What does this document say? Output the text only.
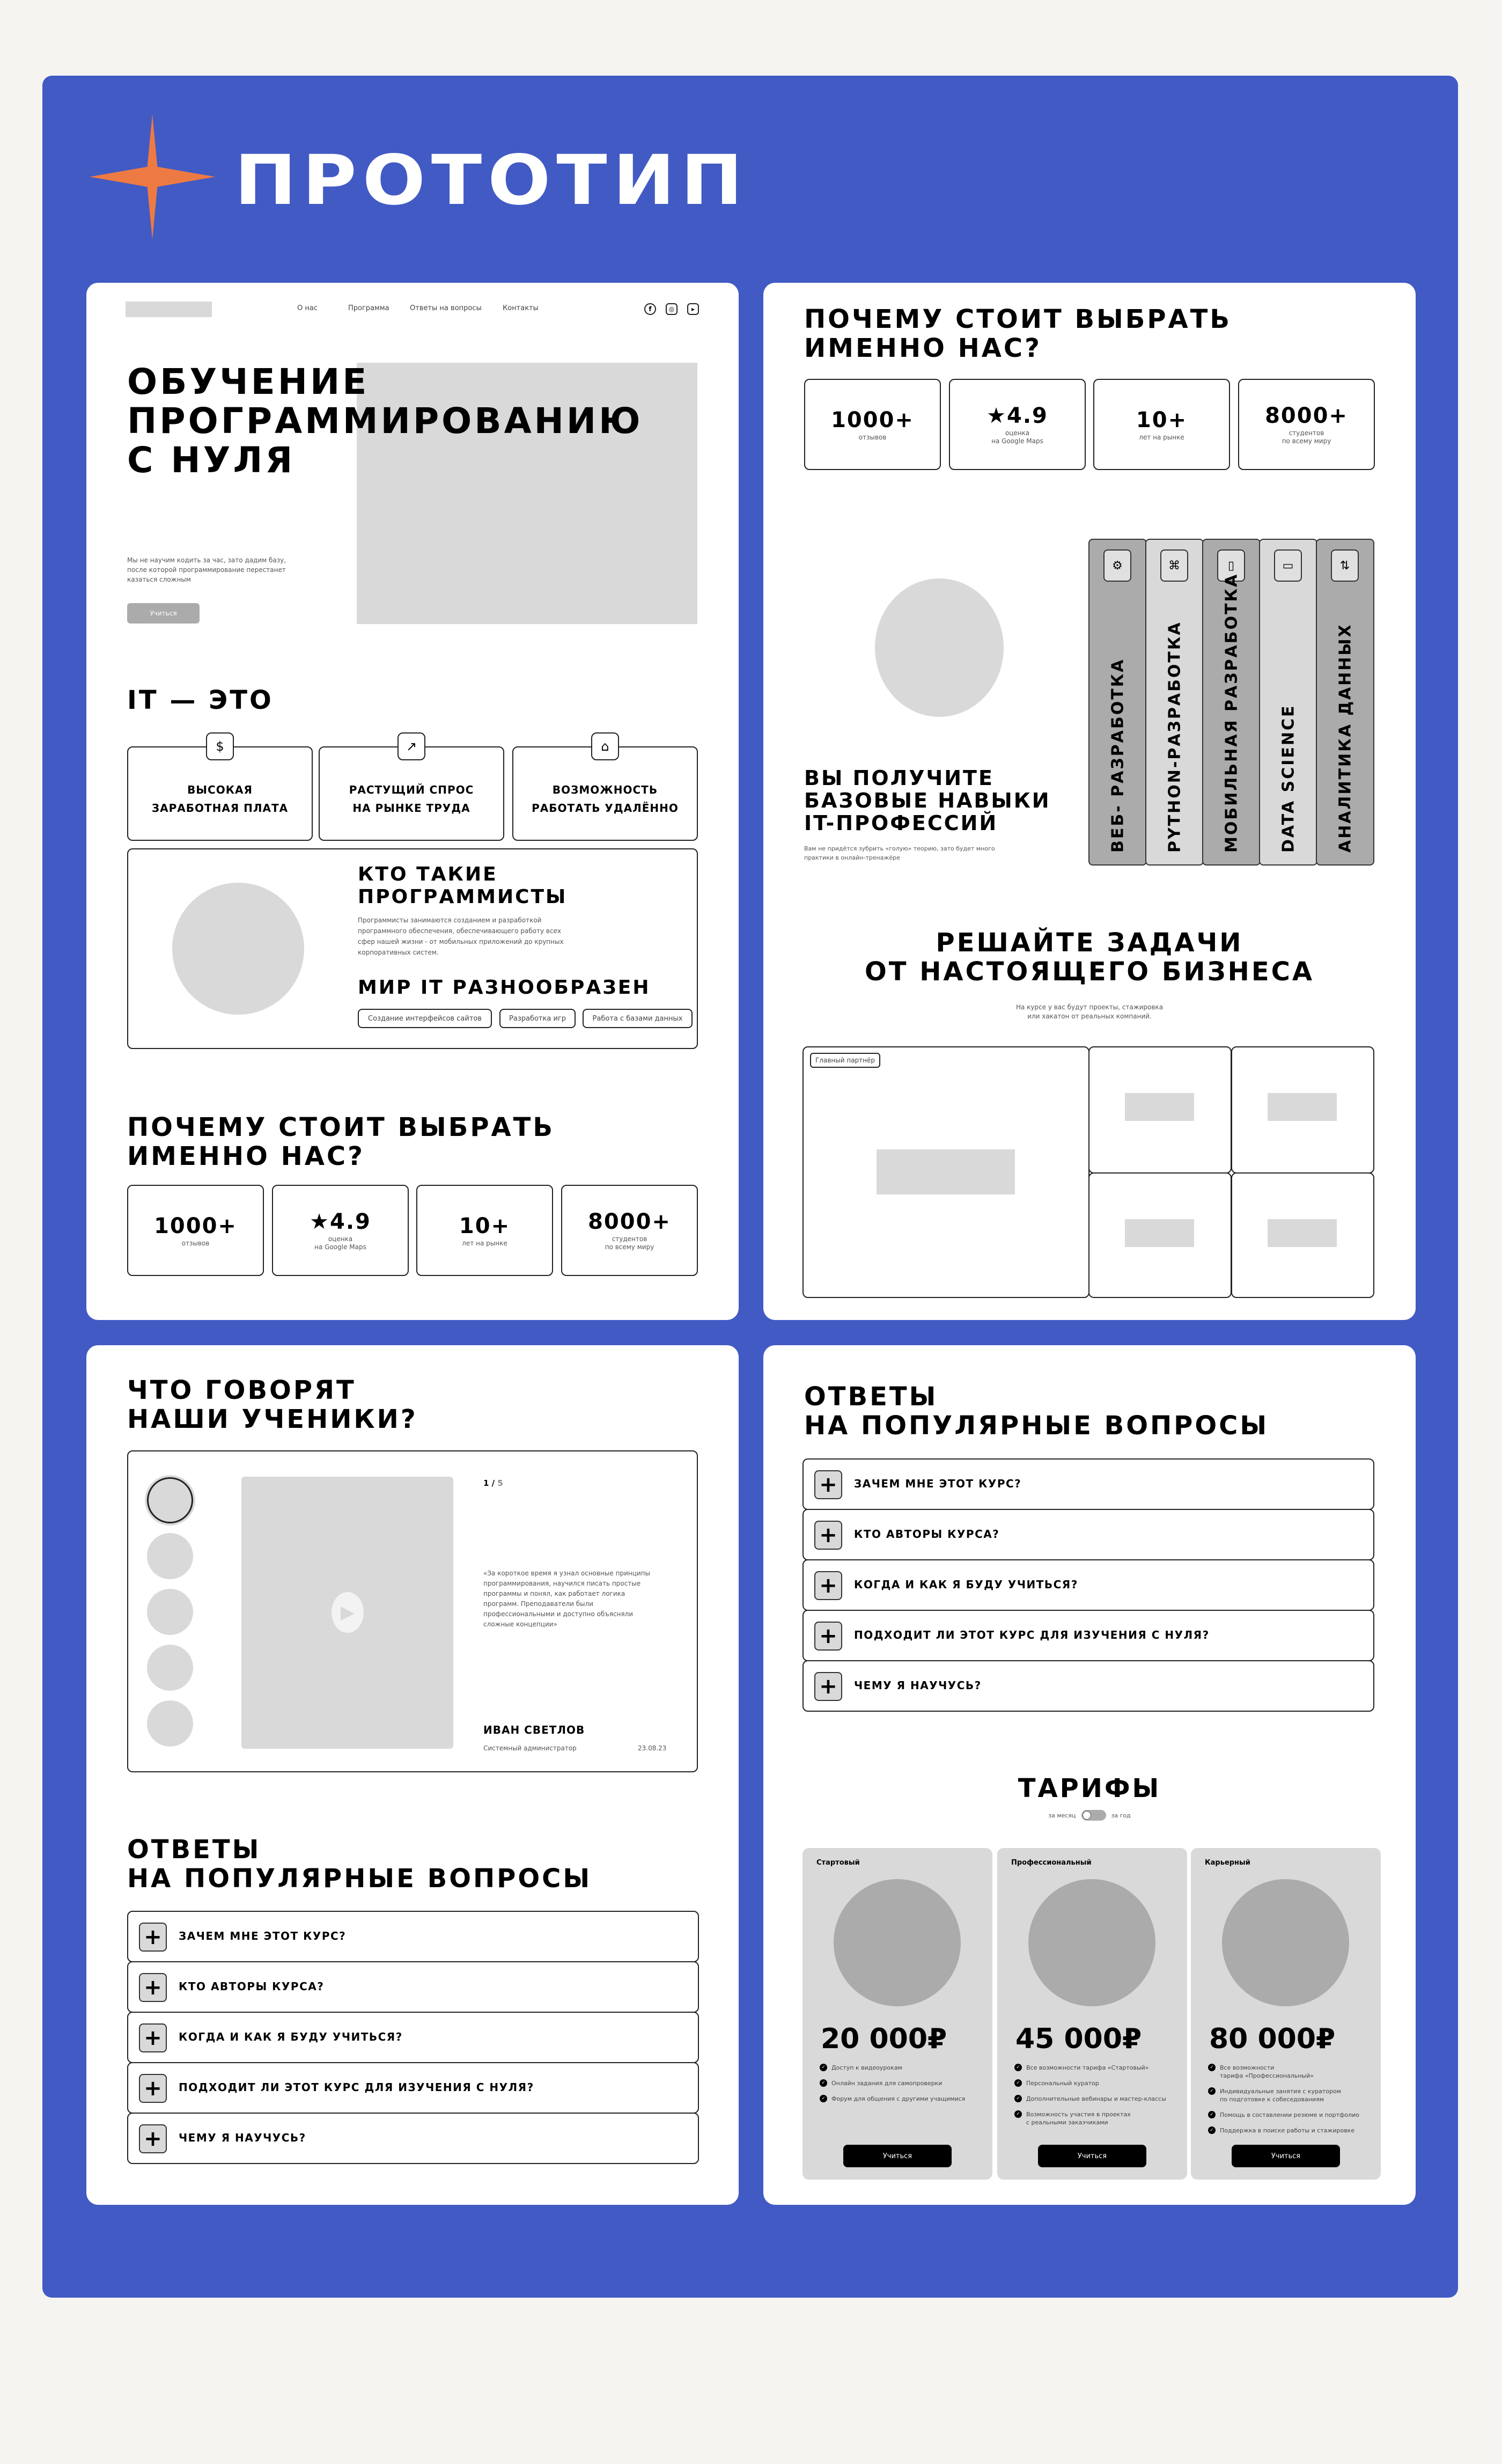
ПРОТОТИП
О нас	Программа	Ответы на вопросы	Контакты	f	◎	▸
ОБУЧЕНИЕ
ПРОГРАММИРОВАНИЮ
С НУЛЯ
Мы не научим кодить за час, зато дадим базу, после которой программирование перестанет казаться сложным
Учиться
IT — ЭТО
КТО ТАКИЕ
ПРОГРАММИСТЫ
Программисты занимаются созданием и разработкой программного обеспечения, обеспечивающего работу всех сфер нашей жизни - от мобильных приложений до крупных корпоративных систем.
МИР IT РАЗНООБРАЗЕН
Создание интерфейсов сайтов	Разработка игр	Работа с базами данных
ПОЧЕМУ СТОИТ ВЫБРАТЬ
ИМЕННО НАС?
ВЫСОКАЯ
ЗАРАБОТНАЯ ПЛАТА
$
РАСТУЩИЙ СПРОС
НА РЫНКЕ ТРУДА
↗
ВОЗМОЖНОСТЬ
РАБОТАТЬ УДАЛЁННО
⌂
1000+
отзывов
★4.9
оценка
на Google Maps
10+
лет на рынке
8000+
студентов
по всему миру
ПОЧЕМУ СТОИТ ВЫБРАТЬ
ИМЕННО НАС?
ВЫ ПОЛУЧИТЕ
БАЗОВЫЕ НАВЫКИ
IT-ПРОФЕССИЙ
Вам не придётся зубрить «голую» теорию, зато будет много практики в онлайн-тренажёре
⚙
ВЕБ- РАЗРАБОТКА
⌘
PYTHON-РАЗРАБОТКА
▯
МОБИЛЬНАЯ РАЗРАБОТКА
▭
DATA SCIENCE
⇅
АНАЛИТИКА ДАННЫХ
РЕШАЙТЕ ЗАДАЧИ
ОТ НАСТОЯЩЕГО БИЗНЕСА
На курсе у вас будут проекты, стажировка
или хакатон от реальных компаний.
Главный партнёр
1000+
отзывов
★4.9
оценка
на Google Maps
10+
лет на рынке
8000+
студентов
по всему миру
ЧТО ГОВОРЯТ
НАШИ УЧЕНИКИ?
▶
1 / 5
«За короткое время я узнал основные принципы программирования, научился писать простые программы и понял, как работает логика программ. Преподаватели были профессиональными и доступно объясняли сложные концепции»
ИВАН СВЕТЛОВ
Системный администратор	23.08.23
ОТВЕТЫ
НА ПОПУЛЯРНЫЕ ВОПРОСЫ
+	ЗАЧЕМ МНЕ ЭТОТ КУРС?
+	КТО АВТОРЫ КУРСА?
+	КОГДА И КАК Я БУДУ УЧИТЬСЯ?
+	ПОДХОДИТ ЛИ ЭТОТ КУРС ДЛЯ ИЗУЧЕНИЯ С НУЛЯ?
+	ЧЕМУ Я НАУЧУСЬ?
ОТВЕТЫ
НА ПОПУЛЯРНЫЕ ВОПРОСЫ
ТАРИФЫ
за месяц	за год
+	ЗАЧЕМ МНЕ ЭТОТ КУРС?
+	КТО АВТОРЫ КУРСА?
+	КОГДА И КАК Я БУДУ УЧИТЬСЯ?
+	ПОДХОДИТ ЛИ ЭТОТ КУРС ДЛЯ ИЗУЧЕНИЯ С НУЛЯ?
+	ЧЕМУ Я НАУЧУСЬ?
Стартовый
20 000₽
✓ Доступ к видеоурокам
✓ Онлайн задания для самопроверки
✓ Форум для общения с другими учащимися
Учиться
Профессиональный
45 000₽
✓ Все возможности тарифа «Стартовый»
✓ Персональный куратор
✓ Дополнительные вебинары и мастер-классы
✓ Возможность участия в проектах
с реальными заказчиками
Учиться
Карьерный
80 000₽
✓ Все возможности
тарифа «Профессиональный»
✓ Индивидуальные занятия с куратором
по подготовке к собеседованиям
✓ Помощь в составлении резюме и портфолио
✓ Поддержка в поиске работы и стажировке
Учиться
